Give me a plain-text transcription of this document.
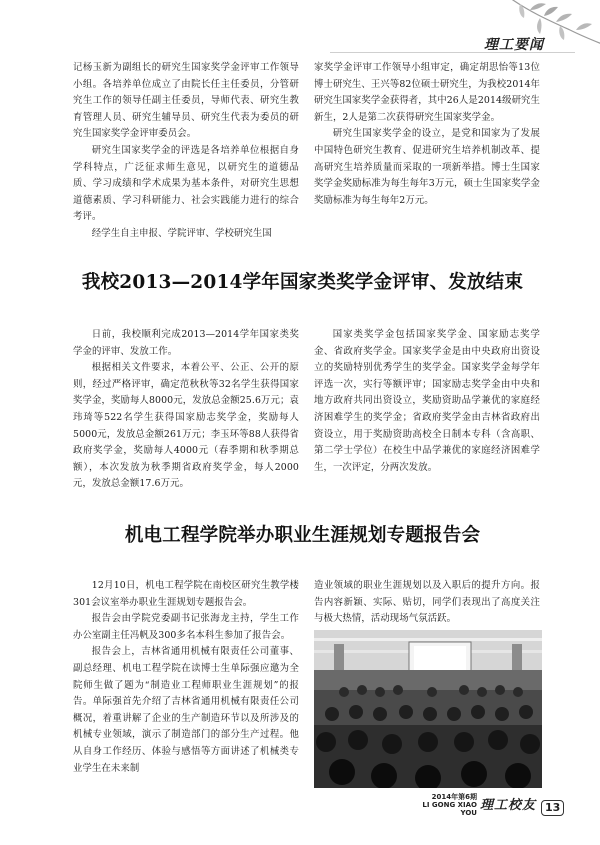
理工要闻

记杨玉新为副组长的研究生国家奖学金评审工作领导小组。各培养单位成立了由院长任主任委员，分管研究生工作的领导任副主任委员，导师代表、研究生教育管理人员、研究生辅导员、研究生代表为委员的研究生国家奖学金评审委员会。

研究生国家奖学金的评选是各培养单位根据自身学科特点，广泛征求师生意见，以研究生的道德品质、学习成绩和学术成果为基本条件，对研究生思想道德素质、学习科研能力、社会实践能力进行的综合考评。

经学生自主申报、学院评审、学校研究生国

家奖学金评审工作领导小组审定，确定胡思怡等13位博士研究生、王兴等82位硕士研究生，为我校2014年研究生国家奖学金获得者，其中26人是2014级研究生新生，2人是第二次获得研究生国家奖学金。

研究生国家奖学金的设立，是党和国家为了发展中国特色研究生教育、促进研究生培养机制改革、提高研究生培养质量而采取的一项新举措。博士生国家奖学金奖励标准为每生每年3万元，硕士生国家奖学金奖励标准为每生每年2万元。

我校2013—2014学年国家类奖学金评审、发放结束

日前，我校顺利完成2013—2014学年国家类奖学金的评审、发放工作。

根据相关文件要求，本着公平、公正、公开的原则，经过严格评审，确定范秋秋等32名学生获得国家奖学金，奖励每人8000元，发放总金额25.6万元；袁玮琦等522名学生获得国家励志奖学金，奖励每人5000元，发放总金额261万元；李玉环等88人获得省政府奖学金，奖励每人4000元（春季期和秋季期总额），本次发放为秋季期省政府奖学金，每人2000元，发放总金额17.6万元。

国家类奖学金包括国家奖学金、国家励志奖学金、省政府奖学金。国家奖学金是由中央政府出资设立的奖励特别优秀学生的奖学金。国家奖学金每学年评选一次，实行等额评审；国家励志奖学金由中央和地方政府共同出资设立，奖励资助品学兼优的家庭经济困难学生的奖学金；省政府奖学金由吉林省政府出资设立，用于奖励资助高校全日制本专科（含高职、第二学士学位）在校生中品学兼优的家庭经济困难学生，一次评定，分两次发放。

机电工程学院举办职业生涯规划专题报告会

12月10日，机电工程学院在南校区研究生教学楼301会议室举办职业生涯规划专题报告会。

报告会由学院党委副书记张海龙主持，学生工作办公室副主任冯帆及300多名本科生参加了报告会。

报告会上，吉林省通用机械有限责任公司董事、副总经理、机电工程学院在读博士生单际强应邀为全院师生做了题为“制造业工程师职业生涯规划”的报告。单际强首先介绍了吉林省通用机械有限责任公司概况，着重讲解了企业的生产制造环节以及所涉及的机械专业领域，演示了制造部门的部分生产过程。他从自身工作经历、体验与感悟等方面讲述了机械类专业学生在未来制

造业领域的职业生涯规划以及入职后的提升方向。报告内容新颖、实际、贴切，同学们表现出了高度关注与极大热情，活动现场气氛活跃。

2014年第6期
LI GONG XIAO YOU 理工校友 13
